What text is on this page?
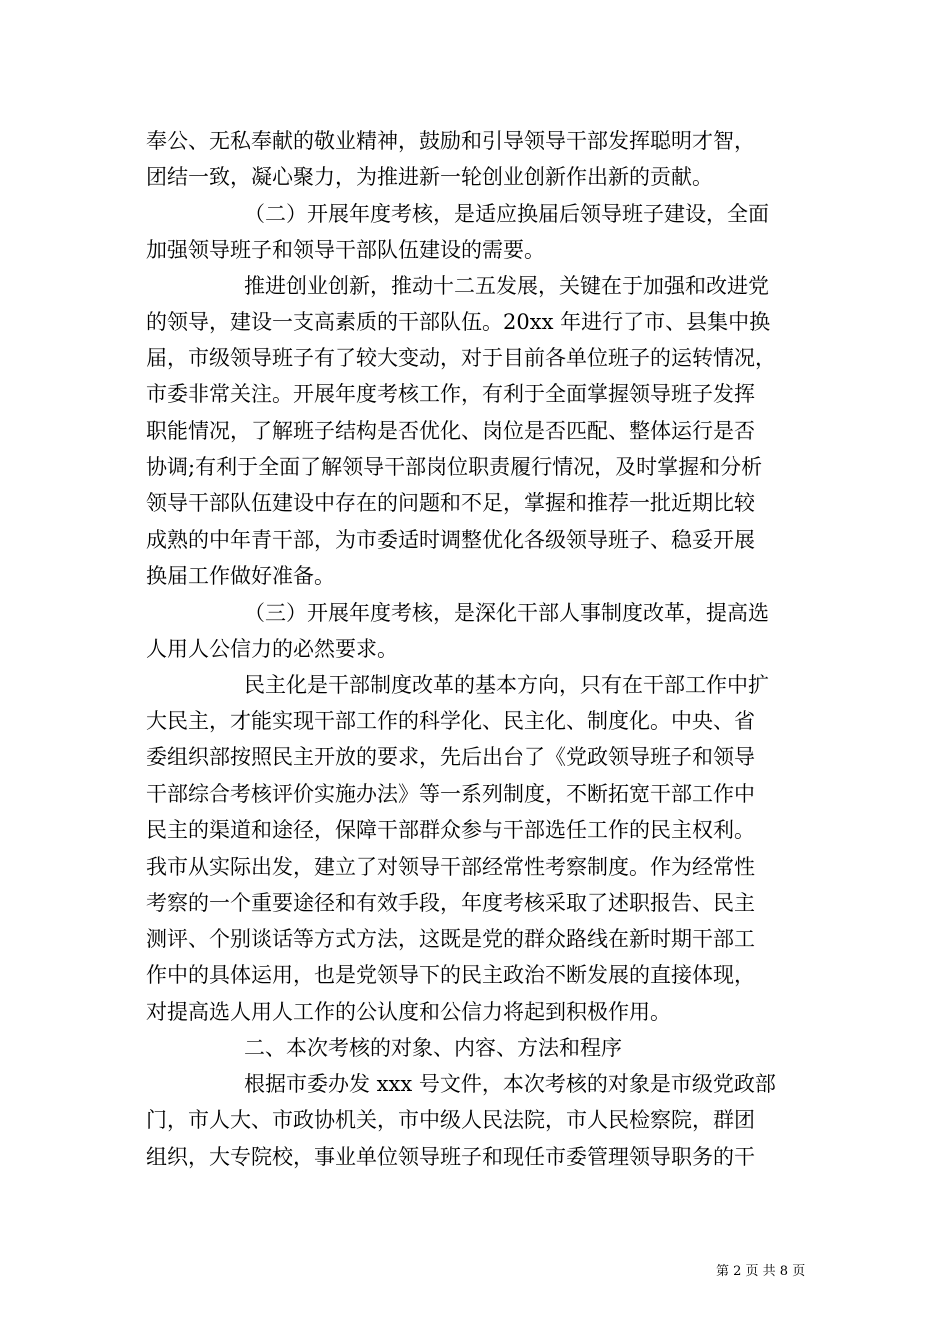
奉公、无私奉献的敬业精神，鼓励和引导领导干部发挥聪明才智，
团结一致，凝心聚力，为推进新一轮创业创新作出新的贡献。
（二）开展年度考核，是适应换届后领导班子建设，全面
加强领导班子和领导干部队伍建设的需要。
推进创业创新，推动十二五发展，关键在于加强和改进党
的领导，建设一支高素质的干部队伍。20xx 年进行了市、县集中换
届，市级领导班子有了较大变动，对于目前各单位班子的运转情况，
市委非常关注。开展年度考核工作，有利于全面掌握领导班子发挥
职能情况，了解班子结构是否优化、岗位是否匹配、整体运行是否
协调;有利于全面了解领导干部岗位职责履行情况，及时掌握和分析
领导干部队伍建设中存在的问题和不足，掌握和推荐一批近期比较
成熟的中年青干部，为市委适时调整优化各级领导班子、稳妥开展
换届工作做好准备。
（三）开展年度考核，是深化干部人事制度改革，提高选
人用人公信力的必然要求。
民主化是干部制度改革的基本方向，只有在干部工作中扩
大民主，才能实现干部工作的科学化、民主化、制度化。中央、省
委组织部按照民主开放的要求，先后出台了《党政领导班子和领导
干部综合考核评价实施办法》等一系列制度，不断拓宽干部工作中
民主的渠道和途径，保障干部群众参与干部选任工作的民主权利。
我市从实际出发，建立了对领导干部经常性考察制度。作为经常性
考察的一个重要途径和有效手段，年度考核采取了述职报告、民主
测评、个别谈话等方式方法，这既是党的群众路线在新时期干部工
作中的具体运用，也是党领导下的民主政治不断发展的直接体现，
对提高选人用人工作的公认度和公信力将起到积极作用。
二、本次考核的对象、内容、方法和程序
根据市委办发 xxx 号文件，本次考核的对象是市级党政部
门，市人大、市政协机关，市中级人民法院，市人民检察院，群团
组织，大专院校，事业单位领导班子和现任市委管理领导职务的干
第 2 页 共 8 页
